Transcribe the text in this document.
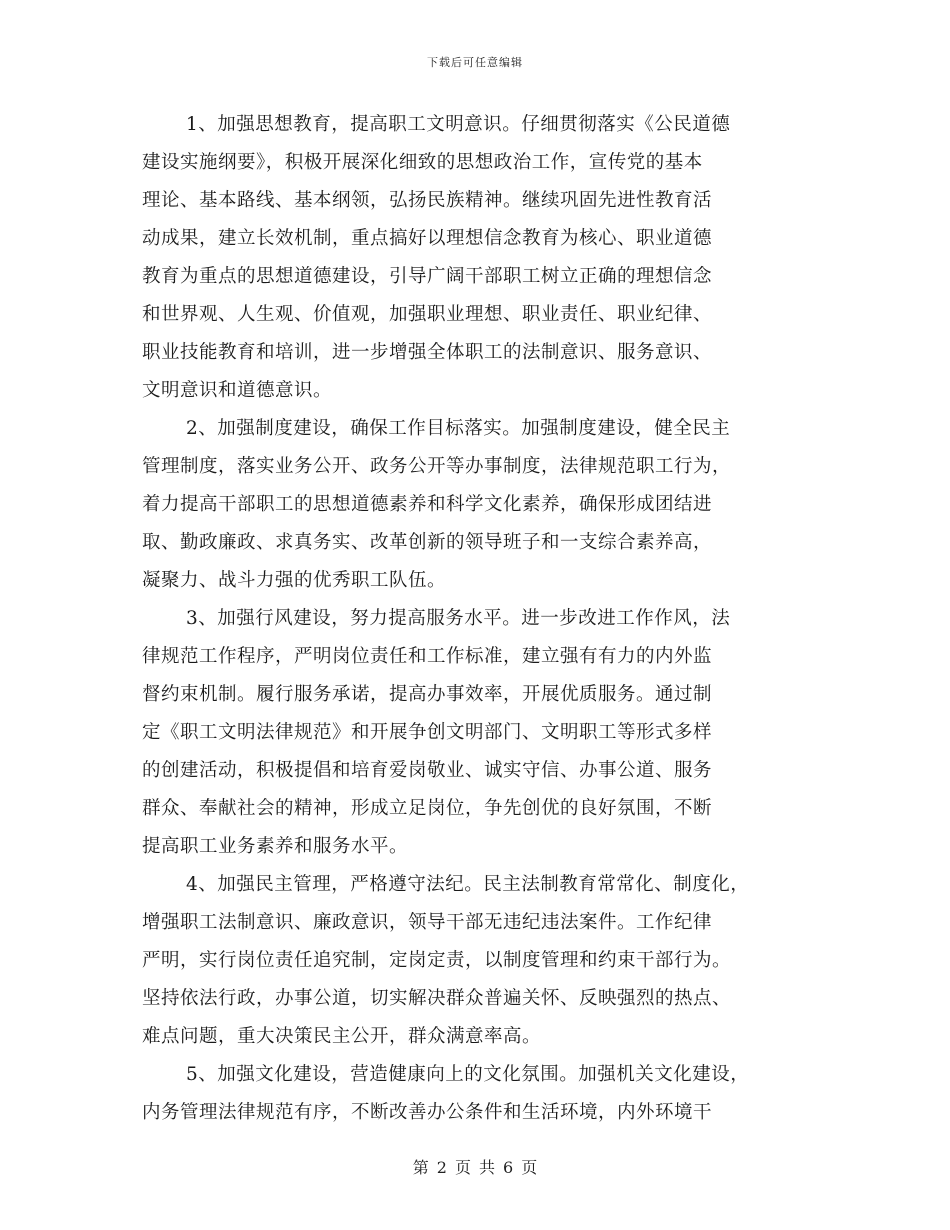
下载后可任意编辑
1、加强思想教育，提高职工文明意识。仔细贯彻落实《公民道德
建设实施纲要》，积极开展深化细致的思想政治工作，宣传党的基本
理论、基本路线、基本纲领，弘扬民族精神。继续巩固先进性教育活
动成果，建立长效机制，重点搞好以理想信念教育为核心、职业道德
教育为重点的思想道德建设，引导广阔干部职工树立正确的理想信念
和世界观、人生观、价值观，加强职业理想、职业责任、职业纪律、
职业技能教育和培训，进一步增强全体职工的法制意识、服务意识、
文明意识和道德意识。
2、加强制度建设，确保工作目标落实。加强制度建设，健全民主
管理制度，落实业务公开、政务公开等办事制度，法律规范职工行为，
着力提高干部职工的思想道德素养和科学文化素养，确保形成团结进
取、勤政廉政、求真务实、改革创新的领导班子和一支综合素养高，
凝聚力、战斗力强的优秀职工队伍。
3、加强行风建设，努力提高服务水平。进一步改进工作作风，法
律规范工作程序，严明岗位责任和工作标准，建立强有有力的内外监
督约束机制。履行服务承诺，提高办事效率，开展优质服务。通过制
定《职工文明法律规范》和开展争创文明部门、文明职工等形式多样
的创建活动，积极提倡和培育爱岗敬业、诚实守信、办事公道、服务
群众、奉献社会的精神，形成立足岗位，争先创优的良好氛围，不断
提高职工业务素养和服务水平。
4、加强民主管理，严格遵守法纪。民主法制教育常常化、制度化，
增强职工法制意识、廉政意识，领导干部无违纪违法案件。工作纪律
严明，实行岗位责任追究制，定岗定责，以制度管理和约束干部行为。
坚持依法行政，办事公道，切实解决群众普遍关怀、反映强烈的热点、
难点问题，重大决策民主公开，群众满意率高。
5、加强文化建设，营造健康向上的文化氛围。加强机关文化建设，
内务管理法律规范有序，不断改善办公条件和生活环境，内外环境干
第 2 页 共 6 页
